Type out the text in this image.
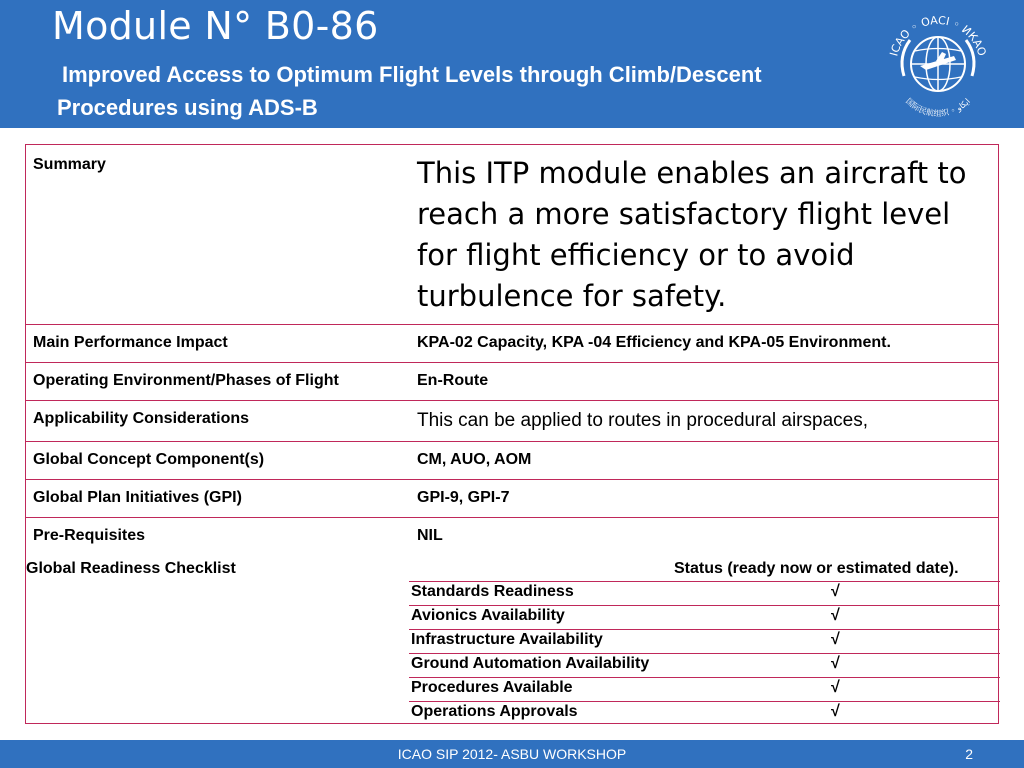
Module N° B0-86
Improved Access to Optimum Flight Levels through Climb/Descent
Procedures using ADS-B
ICAO ◦ OACI ◦ ИКАО
国际民航组织 ◦ ايكاو
Summary	This ITP module enables an aircraft to reach a more satisfactory flight level for flight efficiency or to avoid turbulence for safety.
Main Performance Impact	KPA-02 Capacity, KPA -04 Efficiency and KPA-05 Environment.
Operating Environment/Phases of Flight	En-Route
Applicability Considerations	This can be applied to routes in procedural airspaces,
Global Concept Component(s)	CM, AUO, AOM
Global Plan Initiatives (GPI)	GPI-9, GPI-7
Pre-Requisites	NIL
Global Readiness Checklist	Status (ready now or estimated date).
Standards Readiness	√
Avionics Availability	√
Infrastructure Availability	√
Ground Automation Availability	√
Procedures Available	√
Operations Approvals	√
ICAO SIP 2012- ASBU WORKSHOP	2
